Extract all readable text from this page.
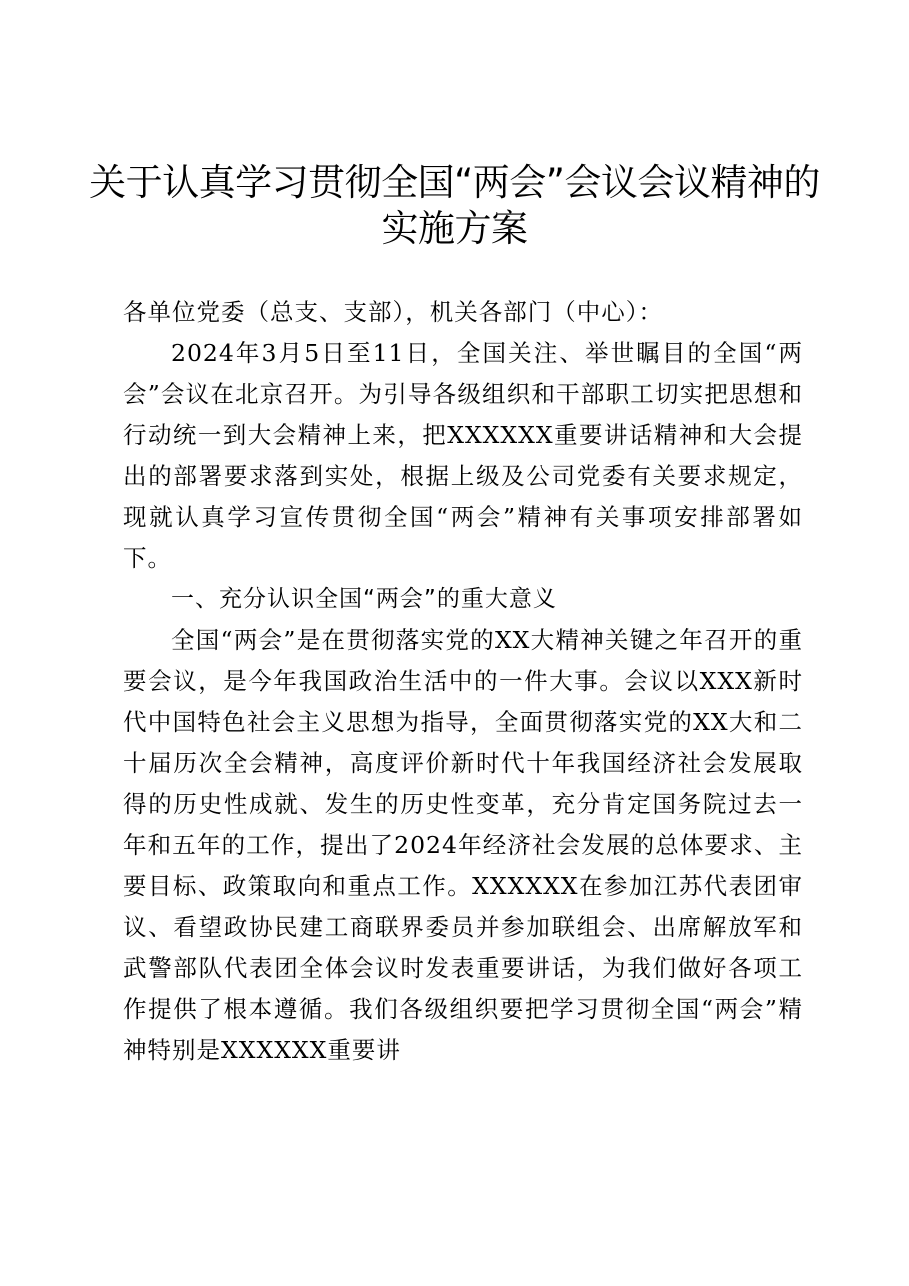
关于认真学习贯彻全国“两会”会议会议精神的
实施方案

各单位党委（总支、支部），机关各部门（中心）：

2024年3月5日至11日，全国关注、举世瞩目的全国“两会”会议在北京召开。为引导各级组织和干部职工切实把思想和行动统一到大会精神上来，把XXXXXX重要讲话精神和大会提出的部署要求落到实处，根据上级及公司党委有关要求规定，现就认真学习宣传贯彻全国“两会”精神有关事项安排部署如下。

一、充分认识全国“两会”的重大意义

全国“两会”是在贯彻落实党的XX大精神关键之年召开的重要会议，是今年我国政治生活中的一件大事。会议以XXX新时代中国特色社会主义思想为指导，全面贯彻落实党的XX大和二十届历次全会精神，高度评价新时代十年我国经济社会发展取得的历史性成就、发生的历史性变革，充分肯定国务院过去一年和五年的工作，提出了2024年经济社会发展的总体要求、主要目标、政策取向和重点工作。XXXXXX在参加江苏代表团审议、看望政协民建工商联界委员并参加联组会、出席解放军和武警部队代表团全体会议时发表重要讲话，为我们做好各项工作提供了根本遵循。我们各级组织要把学习贯彻全国“两会”精神特别是XXXXXX重要讲
